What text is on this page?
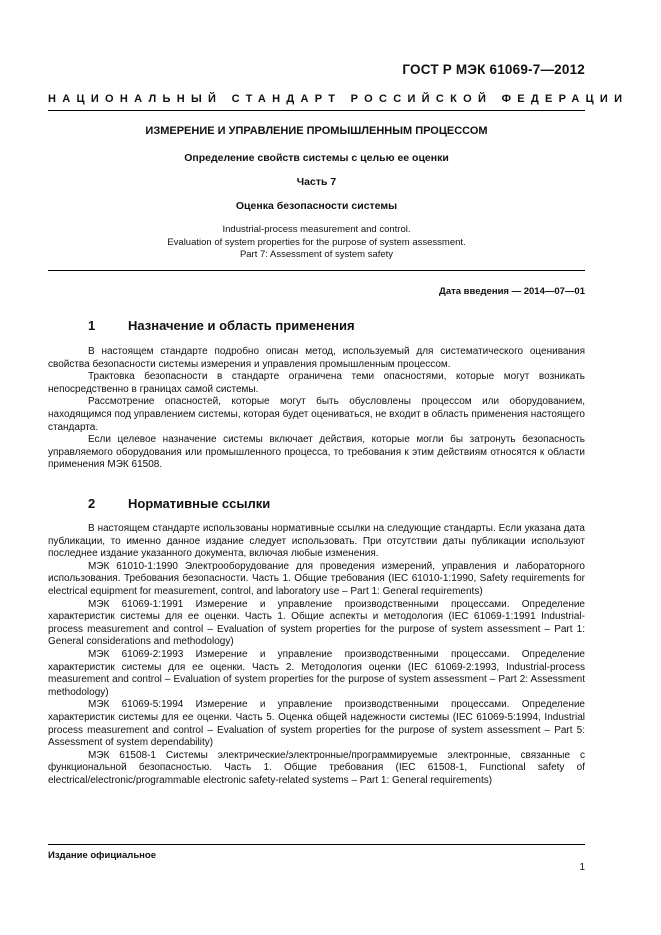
ГОСТ Р МЭК 61069-7—2012
НАЦИОНАЛЬНЫЙ СТАНДАРТ РОССИЙСКОЙ ФЕДЕРАЦИИ
ИЗМЕРЕНИЕ И УПРАВЛЕНИЕ ПРОМЫШЛЕННЫМ ПРОЦЕССОМ
Определение свойств системы с целью ее оценки
Часть 7
Оценка безопасности системы
Industrial-process measurement and control.
Evaluation of system properties for the purpose of system assessment.
Part 7: Assessment of system safety
Дата введения — 2014—07—01
1	Назначение и область применения

В настоящем стандарте подробно описан метод, используемый для систематического оценивания свойства безопасности системы измерения и управления промышленным процессом.

Трактовка безопасности в стандарте ограничена теми опасностями, которые могут возникать непосредственно в границах самой системы.

Рассмотрение опасностей, которые могут быть обусловлены процессом или оборудованием, находящимся под управлением системы, которая будет оцениваться, не входит в область применения настоящего стандарта.

Если целевое назначение системы включает действия, которые могли бы затронуть безопасность управляемого оборудования или промышленного процесса, то требования к этим действиям относятся к области применения МЭК 61508.

2	Нормативные ссылки

В настоящем стандарте использованы нормативные ссылки на следующие стандарты. Если указана дата публикации, то именно данное издание следует использовать. При отсутствии даты публикации используют последнее издание указанного документа, включая любые изменения.

МЭК 61010-1:1990 Электрооборудование для проведения измерений, управления и лабораторного использования. Требования безопасности. Часть 1. Общие требования (IEC 61010-1:1990, Safety requirements for electrical equipment for measurement, control, and laboratory use – Part 1: General requirements)

МЭК 61069-1:1991 Измерение и управление производственными процессами. Определение характеристик системы для ее оценки. Часть 1. Общие аспекты и методология (IEC 61069-1:1991 Industrial-process measurement and control – Evaluation of system properties for the purpose of system assessment – Part 1: General considerations and methodology)

МЭК 61069-2:1993 Измерение и управление производственными процессами. Определение характеристик системы для ее оценки. Часть 2. Методология оценки (IEC 61069-2:1993, Industrial-process measurement and control – Evaluation of system properties for the purpose of system assessment – Part 2: Assessment methodology)

МЭК 61069-5:1994 Измерение и управление производственными процессами. Определение характеристик системы для ее оценки. Часть 5. Оценка общей надежности системы (IEC 61069-5:1994, Industrial process measurement and control – Evaluation of system properties for the purpose of system assessment – Part 5: Assessment of system dependability)

МЭК 61508-1 Системы электрические/электронные/программируемые электронные, связанные с функциональной безопасностью. Часть 1. Общие требования (IEC 61508-1, Functional safety of electrical/electronic/programmable electronic safety-related systems – Part 1: General requirements)

Издание официальное
1
